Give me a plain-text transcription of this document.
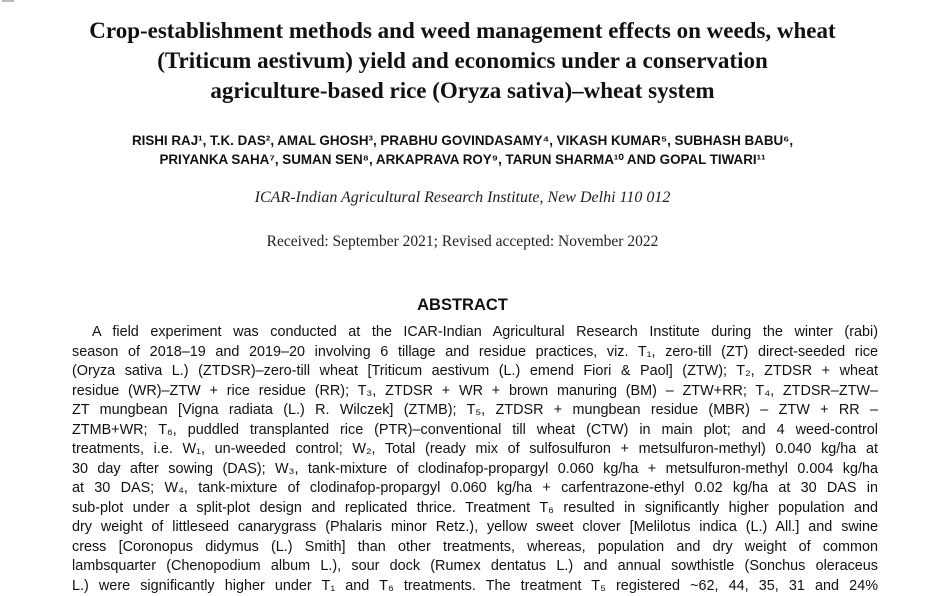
Crop-establishment methods and weed management effects on weeds, wheat
(Triticum aestivum) yield and economics under a conservation
agriculture-based rice (Oryza sativa)–wheat system
RISHI RAJ¹, T.K. DAS², AMAL GHOSH³, PRABHU GOVINDASAMY⁴, VIKASH KUMAR⁵, SUBHASH BABU⁶,
PRIYANKA SAHA⁷, SUMAN SEN⁸, ARKAPRAVA ROY⁹, TARUN SHARMA¹⁰ AND GOPAL TIWARI¹¹
ICAR-Indian Agricultural Research Institute, New Delhi 110 012
Received: September 2021; Revised accepted: November 2022
ABSTRACT
A field experiment was conducted at the ICAR-Indian Agricultural Research Institute during the winter (rabi)
season of 2018–19 and 2019–20 involving 6 tillage and residue practices, viz. T₁, zero-till (ZT) direct-seeded rice
(Oryza sativa L.) (ZTDSR)–zero-till wheat [Triticum aestivum (L.) emend Fiori & Paol] (ZTW); T₂, ZTDSR + wheat
residue (WR)–ZTW + rice residue (RR); T₃, ZTDSR + WR + brown manuring (BM) – ZTW+RR; T₄, ZTDSR–ZTW–
ZT mungbean [Vigna radiata (L.) R. Wilczek] (ZTMB); T₅, ZTDSR + mungbean residue (MBR) – ZTW + RR –
ZTMB+WR; T₆, puddled transplanted rice (PTR)–conventional till wheat (CTW) in main plot; and 4 weed-control
treatments, i.e. W₁, un-weeded control; W₂, Total (ready mix of sulfosulfuron + metsulfuron-methyl) 0.040 kg/ha at
30 day after sowing (DAS); W₃, tank-mixture of clodinafop-propargyl 0.060 kg/ha + metsulfuron-methyl 0.004 kg/ha
at 30 DAS; W₄, tank-mixture of clodinafop-propargyl 0.060 kg/ha + carfentrazone-ethyl 0.02 kg/ha at 30 DAS in
sub-plot under a split-plot design and replicated thrice. Treatment T₆ resulted in significantly higher population and
dry weight of littleseed canarygrass (Phalaris minor Retz.), yellow sweet clover [Melilotus indica (L.) All.] and swine
cress [Coronopus didymus (L.) Smith] than other treatments, whereas, population and dry weight of common
lambsquarter (Chenopodium album L.), sour dock (Rumex dentatus L.) and annual sowthistle (Sonchus oleraceus
L.) were significantly higher under T₁ and T₆ treatments. The treatment T₅ registered ~62, 44, 35, 31 and 24%
